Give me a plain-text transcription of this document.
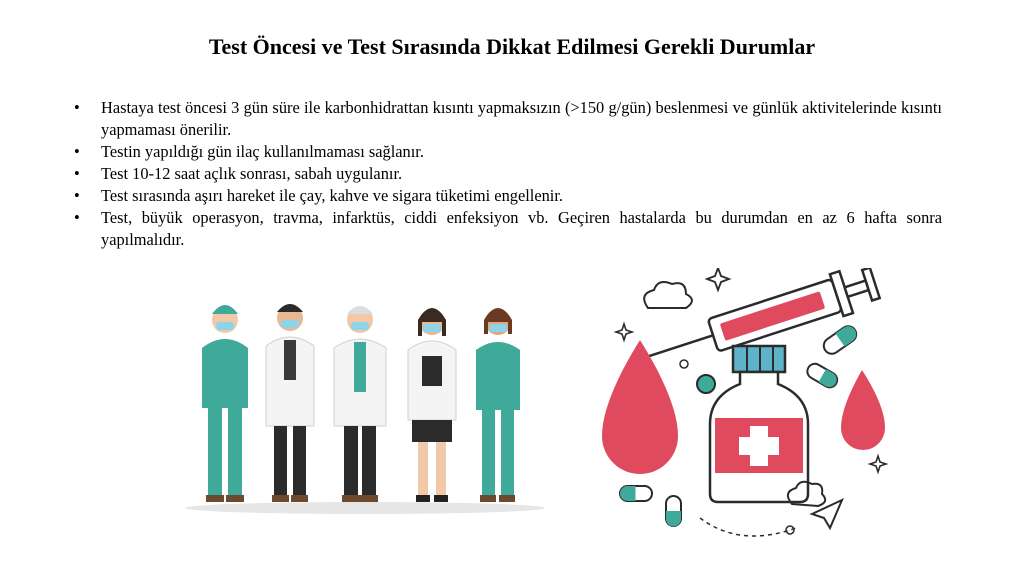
Test Öncesi ve Test Sırasında Dikkat Edilmesi Gerekli Durumlar
• Hastaya test öncesi 3 gün süre ile karbonhidrattan kısıntı yapmaksızın (>150 g/gün) beslenmesi ve günlük aktivitelerinde kısıntı yapmaması önerilir.
• Testin yapıldığı gün ilaç kullanılmaması sağlanır.
• Test 10-12 saat açlık sonrası, sabah uygulanır.
• Test sırasında aşırı hareket ile çay, kahve ve sigara tüketimi engellenir.
• Test, büyük operasyon, travma, infarktüs, ciddi enfeksiyon vb. Geçiren hastalarda bu durumdan en az 6 hafta sonra yapılmalıdır.
